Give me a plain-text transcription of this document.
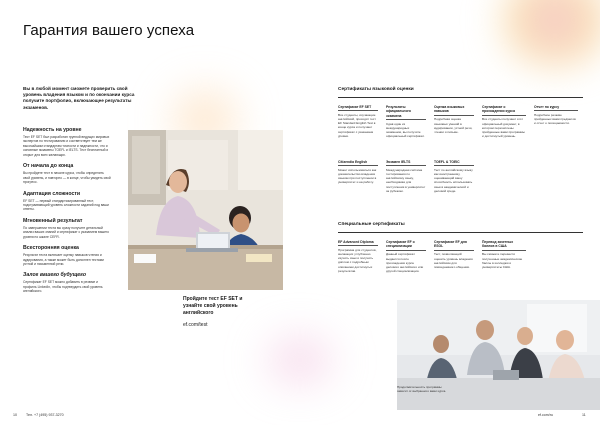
Гарантия вашего успеха

Вы в любой момент сможете проверить свой уровень владения языком и по окончании курса получите портфолио, включающее результаты экзаменов.

Надежность на уровне

Тест EF SET был разработан группой ведущих мировых экспертов по тестированию и соответствует тем же высочайшим стандартам точности и надежности, что и основные экзамены TOEFL и IELTS. Тест бесплатный и открыт для всех желающих.

От начала до конца

Вы пройдете тест в начале курса, чтобы определить свой уровень, и повторно — в конце, чтобы увидеть свой прогресс.

Адаптация сложности

EF SET — первый стандартизированный тест, подстраивающий уровень сложности заданий под ваши ответы.

Мгновенный результат

По завершении теста вы сразу получите детальный анализ ваших знаний и сертификат с указанием вашего уровня по шкале CEFR.

Всесторонняя оценка

Результат теста включает оценку навыков чтения и аудирования, а также может быть дополнен тестами устной и письменной речи.

Залог вашего будущего

Сертификат EF SET можно добавить в резюме и профиль LinkedIn, чтобы подтвердить свой уровень английского.

Пройдите тест EF SET и узнайте свой уровень английского
ef.com/test
Сертификаты языковой оценки
Сертификат EF SET
Все студенты, изучающие английский, проходят тест EF Standard English Test в конце курса и получают сертификат с указанием уровня.
Результаты официального экзамена
Сдав один из международных экзаменов, вы получите официальный сертификат.
Оценка языковых навыков
Подробная оценка языковых умений в аудировании, устной речи, чтении и письме.
Сертификат о прохождении курса
Все студенты получают этот официальный документ, в котором перечислены пройденные вами программы и достигнутый уровень.
Отчет по курсу
Подробное резюме пройденных вами предметов и отчет о посещаемости.
Citizendia English
Может использоваться как доказательство владения языком при поступлении в университет и на работу.
Экзамен IELTS
Международная система тестирования по английскому языку, необходимая для поступления в университет за рубежом.
TOEFL & TOEIC
Тест по английскому языку как иностранному, оценивающий вашу способность использовать язык в академической и деловой среде.
Специальные сертификаты
EF Advanced Diploma
Программа для студентов, желающих углубленно изучить язык и получить диплом с подробным описанием достигнутых результатов.
Сертификат EF о специализации
Данный сертификат выдается после прохождения курса делового английского или другой специализации.
Сертификат EF для ESOL
Тест, позволяющий оценить уровень владения английским для повседневного общения.
Перевод зачетных баллов в США
Вы сможете перевести полученные академические баллы в колледжи и университеты США.
Продолжительность программы зависит от выбранного вами курса.
10	Тел. +7 (495) 937-3270	ef.com/ru	11
